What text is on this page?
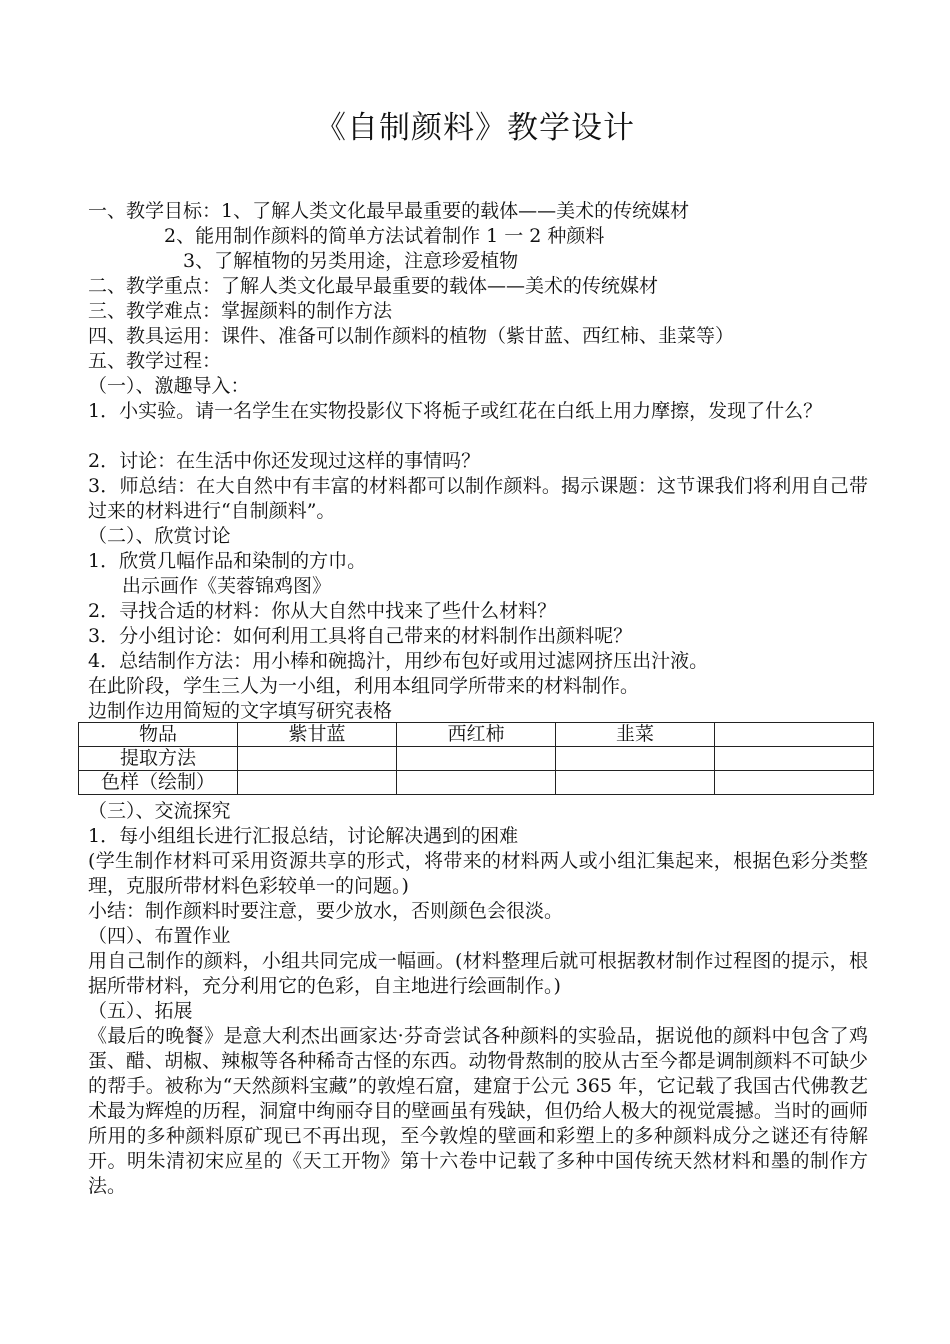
《自制颜料》教学设计
一、教学目标：1、了解人类文化最早最重要的载体——美术的传统媒材
2、能用制作颜料的简单方法试着制作 1 一 2 种颜料
3、了解植物的另类用途，注意珍爱植物
二、教学重点：了解人类文化最早最重要的载体——美术的传统媒材
三、教学难点：掌握颜料的制作方法
四、教具运用：课件、准备可以制作颜料的植物（紫甘蓝、西红柿、韭菜等）
五、教学过程：
（一）、激趣导入：
1．小实验。请一名学生在实物投影仪下将栀子或红花在白纸上用力摩擦，发现了什么？
2．讨论：在生活中你还发现过这样的事情吗？
3．师总结：在大自然中有丰富的材料都可以制作颜料。揭示课题：这节课我们将利用自己带过来的材料进行“自制颜料”。
（二）、欣赏讨论
1．欣赏几幅作品和染制的方巾。
出示画作《芙蓉锦鸡图》
2．寻找合适的材料：你从大自然中找来了些什么材料？
3．分小组讨论：如何利用工具将自己带来的材料制作出颜料呢？
4．总结制作方法：用小棒和碗捣汁，用纱布包好或用过滤网挤压出汁液。
在此阶段，学生三人为一小组，利用本组同学所带来的材料制作。
边制作边用简短的文字填写研究表格
物品	紫甘蓝	西红柿	韭菜	
提取方法				
色样（绘制）				
（三）、交流探究
1．每小组组长进行汇报总结，讨论解决遇到的困难
(学生制作材料可采用资源共享的形式，将带来的材料两人或小组汇集起来，根据色彩分类整理，克服所带材料色彩较单一的问题。)
小结：制作颜料时要注意，要少放水，否则颜色会很淡。
（四）、布置作业
用自己制作的颜料，小组共同完成一幅画。(材料整理后就可根据教材制作过程图的提示，根据所带材料，充分利用它的色彩，自主地进行绘画制作。)
（五）、拓展
《最后的晚餐》是意大利杰出画家达·芬奇尝试各种颜料的实验品，据说他的颜料中包含了鸡蛋、醋、胡椒、辣椒等各种稀奇古怪的东西。动物骨熬制的胶从古至今都是调制颜料不可缺少的帮手。被称为“天然颜料宝藏”的敦煌石窟，建窟于公元 365 年，它记载了我国古代佛教艺术最为辉煌的历程，洞窟中绚丽夺目的壁画虽有残缺，但仍给人极大的视觉震撼。当时的画师所用的多种颜料原矿现已不再出现，至今敦煌的壁画和彩塑上的多种颜料成分之谜还有待解开。明朱清初宋应星的《天工开物》第十六卷中记载了多种中国传统天然材料和墨的制作方法。
